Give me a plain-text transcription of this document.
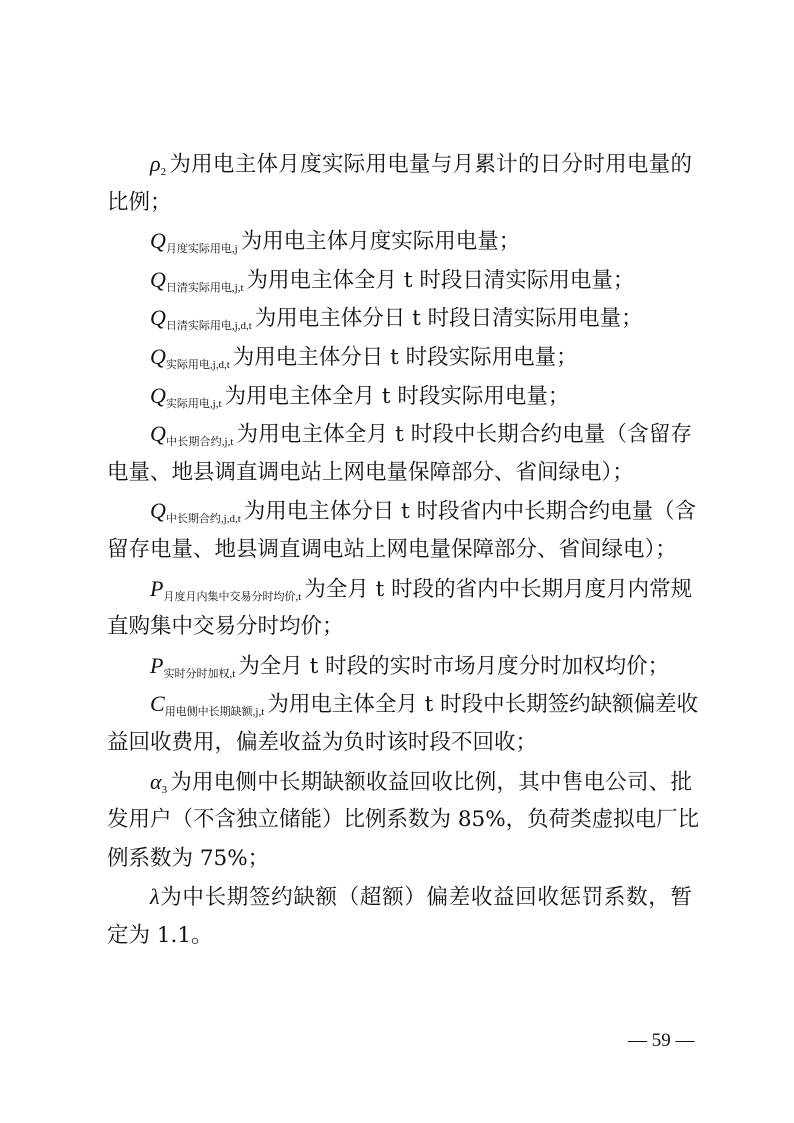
$\rho_2$ 为用电主体月度实际用电量与月累计的日分时用电量的
比例；
$Q_{月度实际用电,j}$ 为用电主体月度实际用电量；
$Q_{日清实际用电,j,t}$ 为用电主体全月 t 时段日清实际用电量；
$Q_{日清实际用电,j,d,t}$ 为用电主体分日 t 时段日清实际用电量；
$Q_{实际用电,j,d,t}$ 为用电主体分日 t 时段实际用电量；
$Q_{实际用电,j,t}$ 为用电主体全月 t 时段实际用电量；
$Q_{中长期合约,j,t}$ 为用电主体全月 t 时段中长期合约电量（含留存
电量、地县调直调电站上网电量保障部分、省间绿电）；
$Q_{中长期合约,j,d,t}$ 为用电主体分日 t 时段省内中长期合约电量（含
留存电量、地县调直调电站上网电量保障部分、省间绿电）；
$P_{月度月内集中交易分时均价,t}$ 为全月 t 时段的省内中长期月度月内常规
直购集中交易分时均价；
$P_{实时分时加权,t}$ 为全月 t 时段的实时市场月度分时加权均价；
$C_{用电侧中长期缺额,j,t}$ 为用电主体全月 t 时段中长期签约缺额偏差收
益回收费用，偏差收益为负时该时段不回收；
$\alpha_3$ 为用电侧中长期缺额收益回收比例，其中售电公司、批
发用户（不含独立储能）比例系数为 85%，负荷类虚拟电厂比
例系数为 75%；
λ为中长期签约缺额（超额）偏差收益回收惩罚系数，暂
定为 1.1。
— 59 —
